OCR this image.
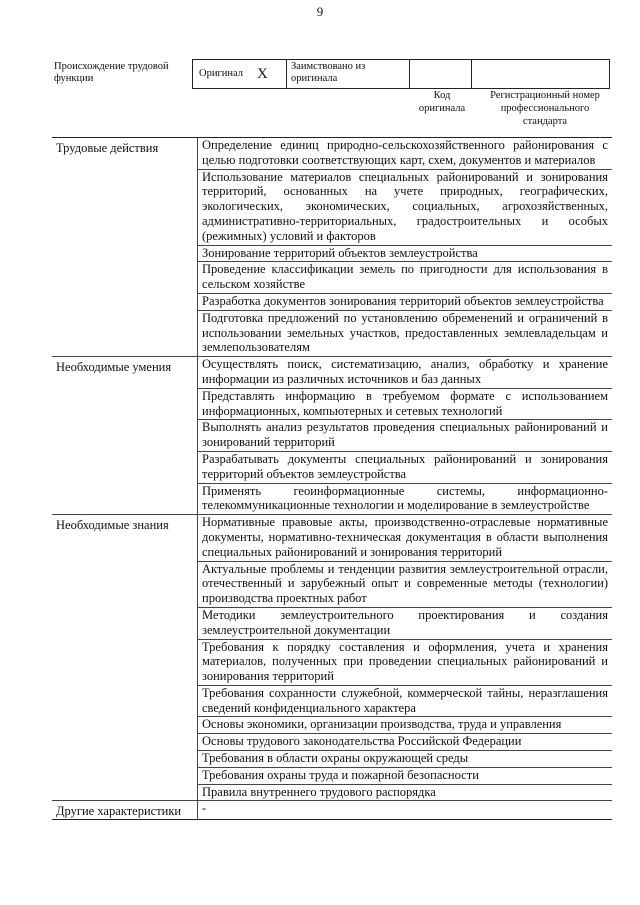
9
Происхождение трудовой функции	Оригинал X	Заимствовано из оригинала
Код оригинала
Регистрационный номер профессионального стандарта
Трудовые действия	Определение единиц природно-сельскохозяйственного районирования с целью подготовки соответствующих карт, схем, документов и материалов
Использование материалов специальных районирований и зонирования территорий, основанных на учете природных, географических, экологических, экономических, социальных, агрохозяйственных, административно-территориальных, градостроительных и особых (режимных) условий и факторов
Зонирование территорий объектов землеустройства
Проведение классификации земель по пригодности для использования в сельском хозяйстве
Разработка документов зонирования территорий объектов землеустройства
Подготовка предложений по установлению обременений и ограничений в использовании земельных участков, предоставленных землевладельцам и землепользователям
Необходимые умения	Осуществлять поиск, систематизацию, анализ, обработку и хранение информации из различных источников и баз данных
Представлять информацию в требуемом формате с использованием информационных, компьютерных и сетевых технологий
Выполнять анализ результатов проведения специальных районирований и зонирований территорий
Разрабатывать документы специальных районирований и зонирования территорий объектов землеустройства
Применять геоинформационные системы, информационно-телекоммуникационные технологии и моделирование в землеустройстве
Необходимые знания	Нормативные правовые акты, производственно-отраслевые нормативные документы, нормативно-техническая документация в области выполнения специальных районирований и зонирования территорий
Актуальные проблемы и тенденции развития землеустроительной отрасли, отечественный и зарубежный опыт и современные методы (технологии) производства проектных работ
Методики землеустроительного проектирования и создания землеустроительной документации
Требования к порядку составления и оформления, учета и хранения материалов, полученных при проведении специальных районирований и зонирования территорий
Требования сохранности служебной, коммерческой тайны, неразглашения сведений конфиденциального характера
Основы экономики, организации производства, труда и управления
Основы трудового законодательства Российской Федерации
Требования в области охраны окружающей среды
Требования охраны труда и пожарной безопасности
Правила внутреннего трудового распорядка
Другие характеристики	-
